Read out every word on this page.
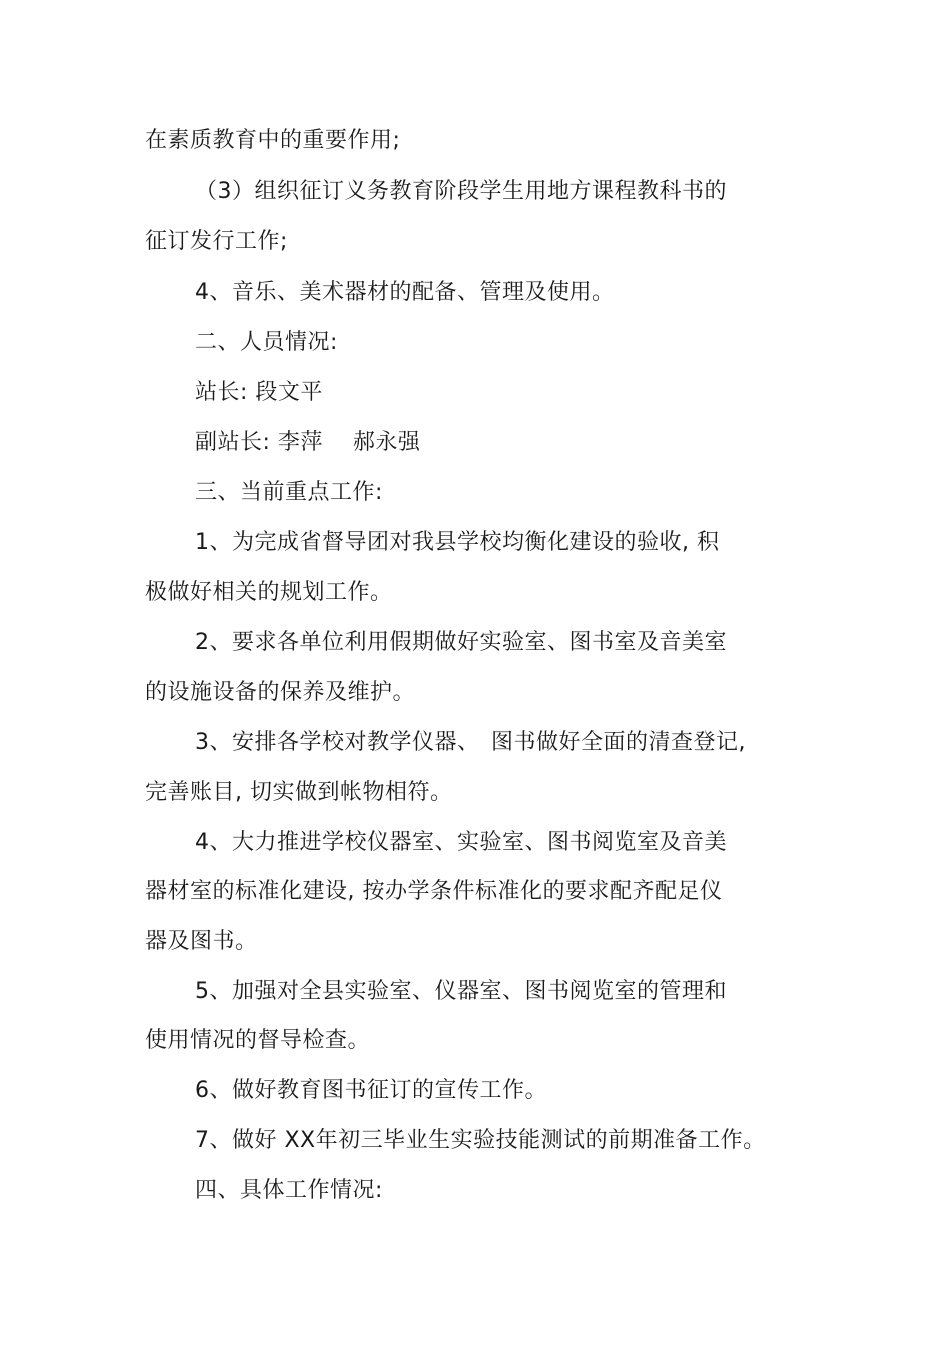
在素质教育中的重要作用;
（3）组织征订义务教育阶段学生用地方课程教科书的
征订发行工作;
4、音乐、美术器材的配备、管理及使用。
二、人员情况:
站长: 段文平
副站长: 李萍　 郝永强
三、当前重点工作:
1、为完成省督导团对我县学校均衡化建设的验收, 积
极做好相关的规划工作。
2、要求各单位利用假期做好实验室、图书室及音美室
的设施设备的保养及维护。
3、安排各学校对教学仪器、　图书做好全面的清查登记,
完善账目, 切实做到帐物相符。
4、大力推进学校仪器室、实验室、图书阅览室及音美
器材室的标准化建设, 按办学条件标准化的要求配齐配足仪
器及图书。
5、加强对全县实验室、仪器室、图书阅览室的管理和
使用情况的督导检查。
6、做好教育图书征订的宣传工作。
7、做好 XX年初三毕业生实验技能测试的前期准备工作。
四、具体工作情况:
